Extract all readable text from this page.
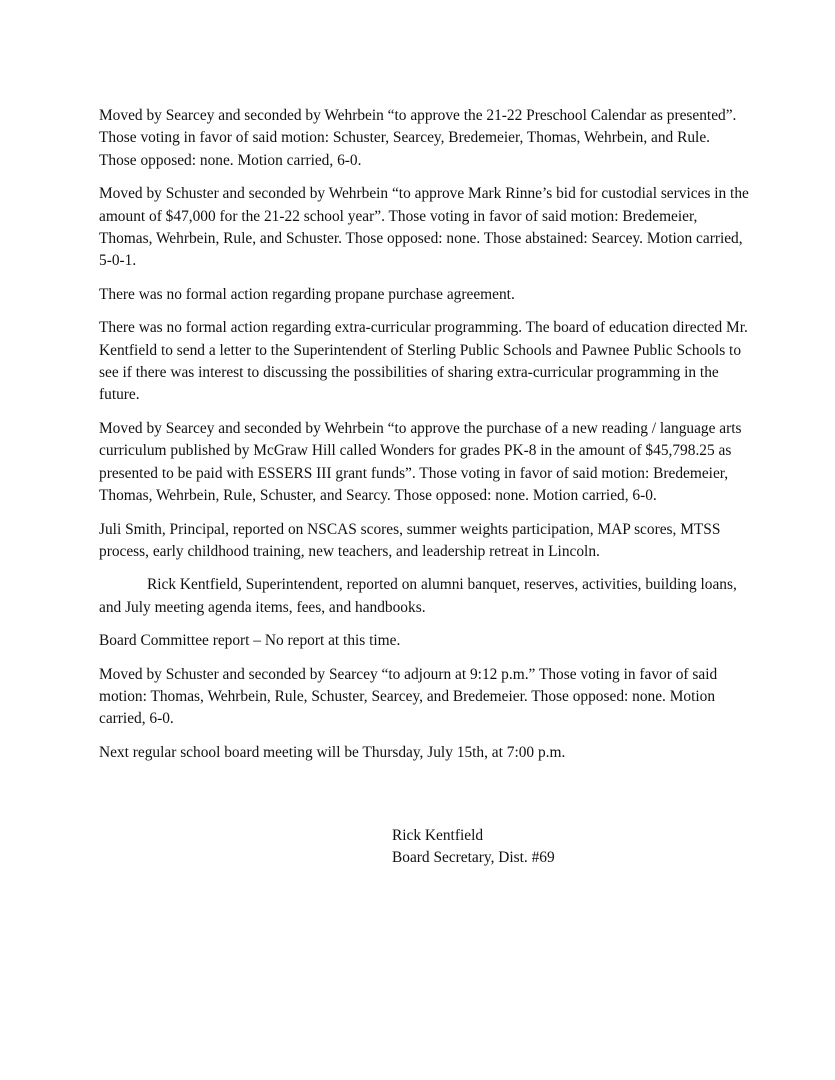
Moved by Searcey and seconded by Wehrbein “to approve the 21-22 Preschool Calendar as presented”. Those voting in favor of said motion: Schuster, Searcey, Bredemeier, Thomas, Wehrbein, and Rule. Those opposed: none. Motion carried, 6-0.

Moved by Schuster and seconded by Wehrbein “to approve Mark Rinne’s bid for custodial services in the amount of $47,000 for the 21-22 school year”. Those voting in favor of said motion: Bredemeier, Thomas, Wehrbein, Rule, and Schuster. Those opposed: none. Those abstained: Searcey. Motion carried, 5-0-1.

There was no formal action regarding propane purchase agreement.

There was no formal action regarding extra-curricular programming. The board of education directed Mr. Kentfield to send a letter to the Superintendent of Sterling Public Schools and Pawnee Public Schools to see if there was interest to discussing the possibilities of sharing extra-curricular programming in the future.

Moved by Searcey and seconded by Wehrbein “to approve the purchase of a new reading / language arts curriculum published by McGraw Hill called Wonders for grades PK-8 in the amount of $45,798.25 as presented to be paid with ESSERS III grant funds”. Those voting in favor of said motion: Bredemeier, Thomas, Wehrbein, Rule, Schuster, and Searcy. Those opposed: none. Motion carried, 6-0.

Juli Smith, Principal, reported on NSCAS scores, summer weights participation, MAP scores, MTSS process, early childhood training, new teachers, and leadership retreat in Lincoln.

Rick Kentfield, Superintendent, reported on alumni banquet, reserves, activities, building loans, and July meeting agenda items, fees, and handbooks.

Board Committee report – No report at this time.

Moved by Schuster and seconded by Searcey “to adjourn at 9:12 p.m.” Those voting in favor of said motion: Thomas, Wehrbein, Rule, Schuster, Searcey, and Bredemeier. Those opposed: none. Motion carried, 6-0.

Next regular school board meeting will be Thursday, July 15th, at 7:00 p.m.

Rick Kentfield
Board Secretary, Dist. #69
